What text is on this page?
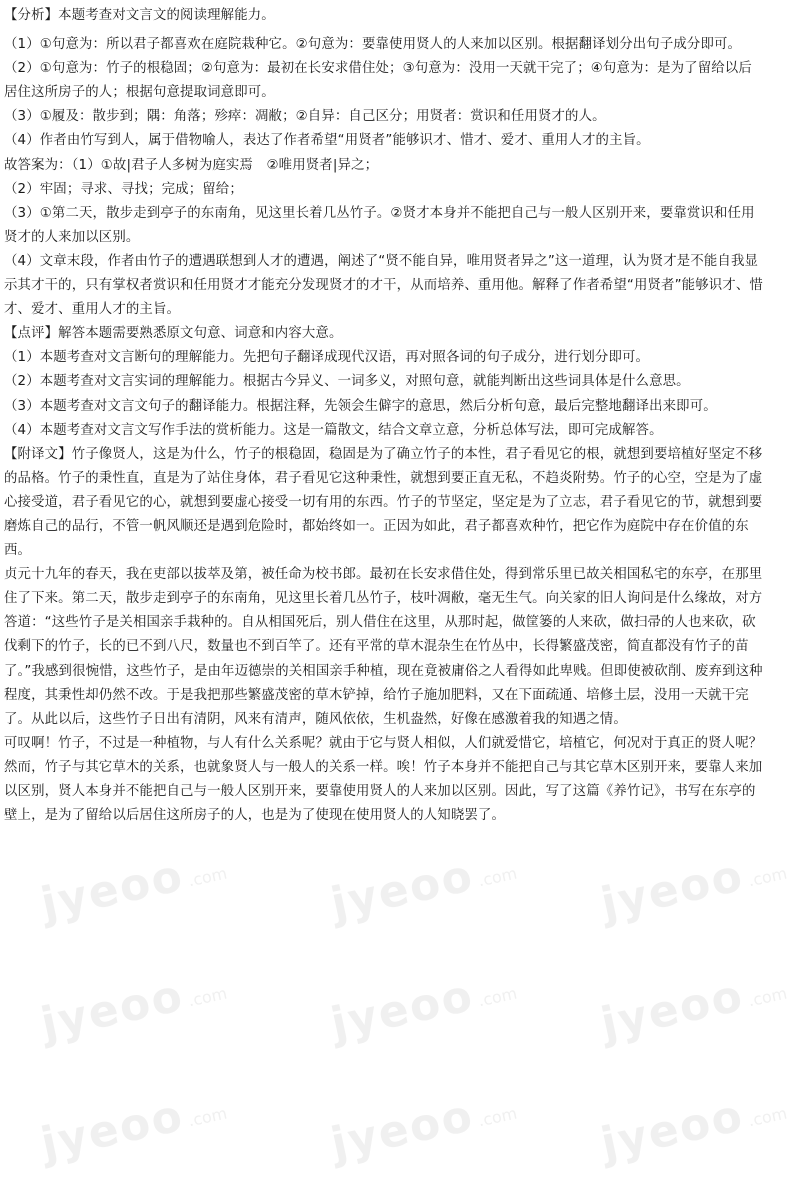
jyeoo.com jyeoo.com jyeoo.com
jyeoo.com jyeoo.com jyeoo.com
jyeoo.com jyeoo.com jyeoo.com

【分析】本题考查对文言文的阅读理解能力。

（1）①句意为：所以君子都喜欢在庭院栽种它。②句意为：要靠使用贤人的人来加以区别。根据翻译划分出句子成分即可。

（2）①句意为：竹子的根稳固；②句意为：最初在长安求借住处；③句意为：没用一天就干完了；④句意为：是为了留给以后居住这所房子的人；根据句意提取词意即可。

（3）①履及：散步到；隅：角落；殄瘁：凋敝；②自异：自己区分；用贤者：赏识和任用贤才的人。

（4）作者由竹写到人，属于借物喻人，表达了作者希望“用贤者”能够识才、惜才、爱才、重用人才的主旨。

故答案为：（1）①故|君子人多树为庭实焉　②唯用贤者|异之；

（2）牢固；寻求、寻找；完成；留给；

（3）①第二天，散步走到亭子的东南角，见这里长着几丛竹子。②贤才本身并不能把自己与一般人区别开来，要靠赏识和任用贤才的人来加以区别。

（4）文章末段，作者由竹子的遭遇联想到人才的遭遇，阐述了“贤不能自异，唯用贤者异之”这一道理，认为贤才是不能自我显示其才干的，只有掌权者赏识和任用贤才才能充分发现贤才的才干，从而培养、重用他。解释了作者希望“用贤者”能够识才、惜才、爱才、重用人才的主旨。

【点评】解答本题需要熟悉原文句意、词意和内容大意。

（1）本题考查对文言断句的理解能力。先把句子翻译成现代汉语，再对照各词的句子成分，进行划分即可。

（2）本题考查对文言实词的理解能力。根据古今异义、一词多义，对照句意，就能判断出这些词具体是什么意思。

（3）本题考查对文言文句子的翻译能力。根据注释，先领会生僻字的意思，然后分析句意，最后完整地翻译出来即可。

（4）本题考查对文言文写作手法的赏析能力。这是一篇散文，结合文章立意，分析总体写法，即可完成解答。

【附译文】竹子像贤人，这是为什么，竹子的根稳固，稳固是为了确立竹子的本性，君子看见它的根，就想到要培植好坚定不移的品格。竹子的秉性直，直是为了站住身体，君子看见它这种秉性，就想到要正直无私，不趋炎附势。竹子的心空，空是为了虚心接受道，君子看见它的心，就想到要虚心接受一切有用的东西。竹子的节坚定，坚定是为了立志，君子看见它的节，就想到要磨炼自己的品行，不管一帆风顺还是遇到危险时，都始终如一。正因为如此，君子都喜欢种竹，把它作为庭院中存在价值的东西。

贞元十九年的春天，我在吏部以拔萃及第，被任命为校书郎。最初在长安求借住处，得到常乐里已故关相国私宅的东亭，在那里住了下来。第二天，散步走到亭子的东南角，见这里长着几丛竹子，枝叶凋敝，毫无生气。向关家的旧人询问是什么缘故，对方答道：“这些竹子是关相国亲手栽种的。自从相国死后，别人借住在这里，从那时起，做筐篓的人来砍，做扫帚的人也来砍，砍伐剩下的竹子，长的已不到八尺，数量也不到百竿了。还有平常的草木混杂生在竹丛中，长得繁盛茂密，简直都没有竹子的苗了。”我感到很惋惜，这些竹子，是由年迈德崇的关相国亲手种植，现在竟被庸俗之人看得如此卑贱。但即使被砍削、废弃到这种程度，其秉性却仍然不改。于是我把那些繁盛茂密的草木铲掉，给竹子施加肥料，又在下面疏通、培修土层，没用一天就干完了。从此以后，这些竹子日出有清阴，风来有清声，随风依依，生机盎然，好像在感激着我的知遇之情。

可叹啊！竹子，不过是一种植物，与人有什么关系呢？就由于它与贤人相似，人们就爱惜它，培植它，何况对于真正的贤人呢？然而，竹子与其它草木的关系，也就象贤人与一般人的关系一样。唉！竹子本身并不能把自己与其它草木区别开来，要靠人来加以区别，贤人本身并不能把自己与一般人区别开来，要靠使用贤人的人来加以区别。因此，写了这篇《养竹记》，书写在东亭的壁上，是为了留给以后居住这所房子的人，也是为了使现在使用贤人的人知晓罢了。
